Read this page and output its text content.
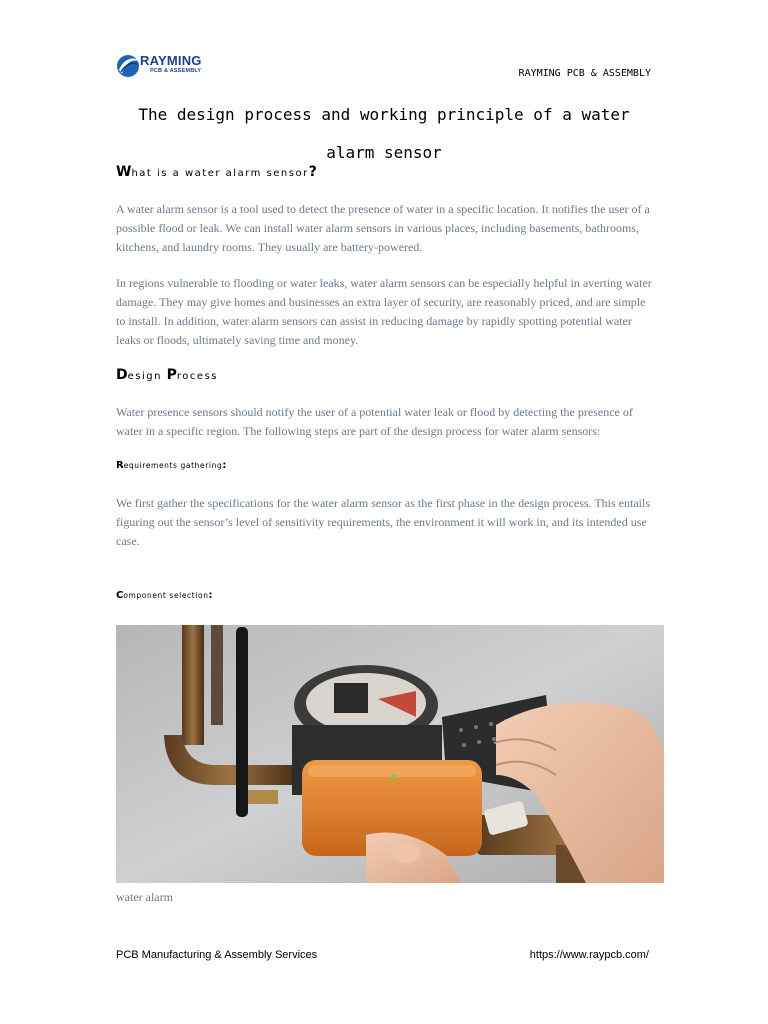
RAYMING
PCB & ASSEMBLY	RAYMING PCB & ASSEMBLY
The design process and working principle of a water alarm sensor
What is a water alarm sensor?
A water alarm sensor is a tool used to detect the presence of water in a specific location. It notifies the user of a possible flood or leak. We can install water alarm sensors in various places, including basements, bathrooms, kitchens, and laundry rooms. They usually are battery-powered.
In regions vulnerable to flooding or water leaks, water alarm sensors can be especially helpful in averting water damage. They may give homes and businesses an extra layer of security, are reasonably priced, and are simple to install. In addition, water alarm sensors can assist in reducing damage by rapidly spotting potential water leaks or floods, ultimately saving time and money.
Design Process
Water presence sensors should notify the user of a potential water leak or flood by detecting the presence of water in a specific region. The following steps are part of the design process for water alarm sensors:
Requirements gathering:
We first gather the specifications for the water alarm sensor as the first phase in the design process. This entails figuring out the sensor’s level of sensitivity requirements, the environment it will work in, and its intended use case.
Component selection:
water alarm
PCB Manufacturing & Assembly Services	https://www.raypcb.com/
